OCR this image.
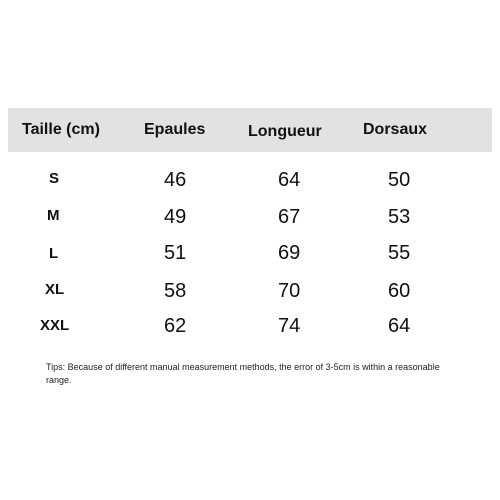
Taille (cm)	Epaules	Longueur	Dorsaux
S	46	64	50
M	49	67	53
L	51	69	55
XL	58	70	60
XXL	62	74	64
Tips: Because of different manual measurement methods, the error of 3-5cm is within a reasonable range.
